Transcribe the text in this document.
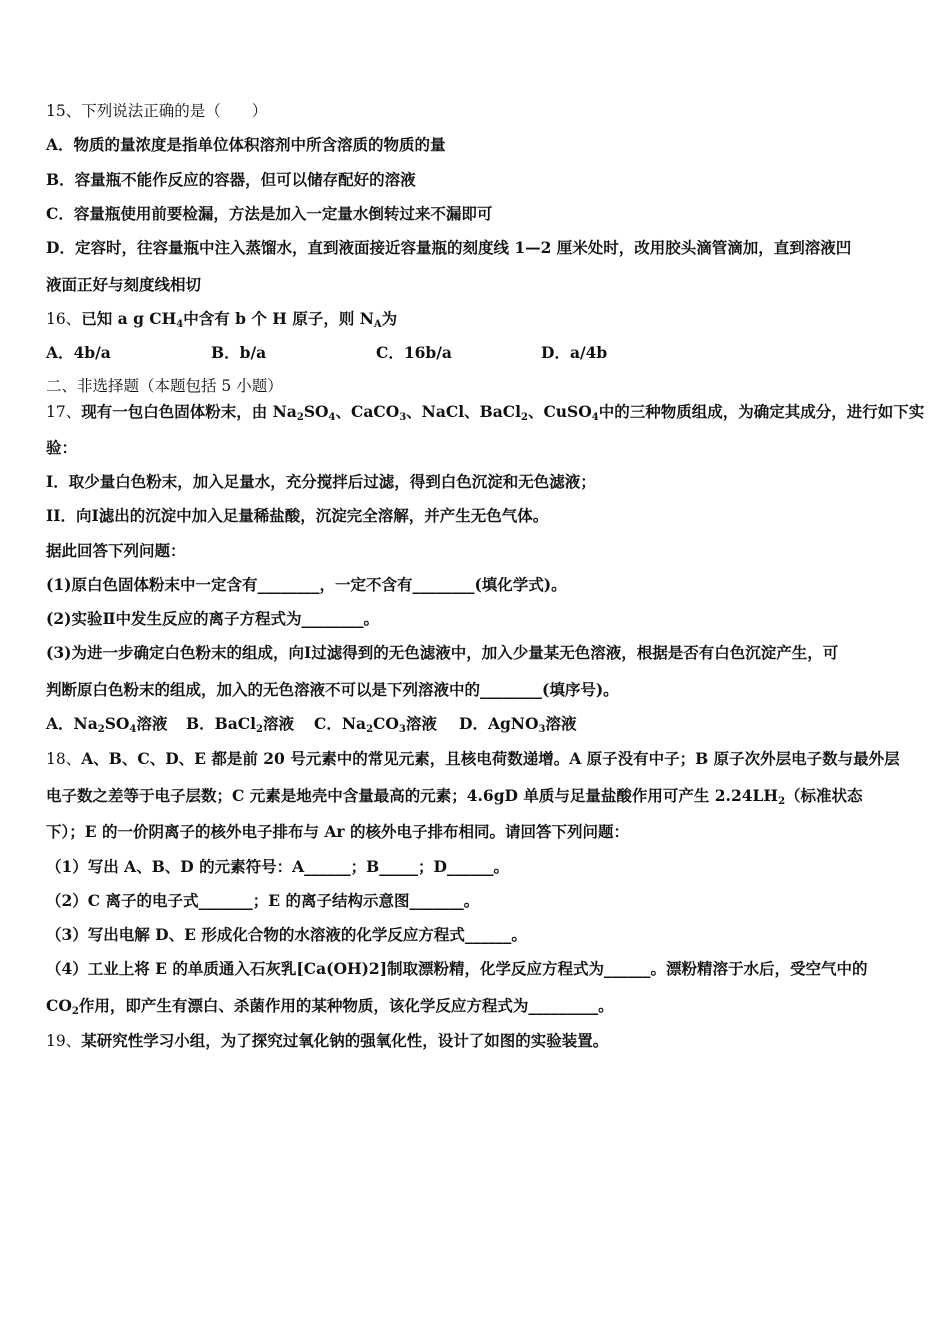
15、下列说法正确的是（　　）
A．物质的量浓度是指单位体积溶剂中所含溶质的物质的量
B．容量瓶不能作反应的容器，但可以储存配好的溶液
C．容量瓶使用前要检漏，方法是加入一定量水倒转过来不漏即可
D．定容时，往容量瓶中注入蒸馏水，直到液面接近容量瓶的刻度线 1—2 厘米处时，改用胶头滴管滴加，直到溶液凹
液面正好与刻度线相切
16、已知 a g $CH_4$中含有 b 个 H 原子，则 $N_A$为
A．4b/a	B．b/a	C．16b/a	D．a/4b
二、非选择题（本题包括 5 小题）
17、现有一包白色固体粉末，由 $Na_2SO_4$、CaCO$_3$、NaCl、BaCl$_2$、CuSO$_4$中的三种物质组成，为确定其成分，进行如下实
验：
I．取少量白色粉末，加入足量水，充分搅拌后过滤，得到白色沉淀和无色滤液；
II．向Ⅰ滤出的沉淀中加入足量稀盐酸，沉淀完全溶解，并产生无色气体。
据此回答下列问题：
(1)原白色固体粉末中一定含有________，一定不含有________(填化学式)。
(2)实验Ⅱ中发生反应的离子方程式为________。
(3)为进一步确定白色粉末的组成，向Ⅰ过滤得到的无色滤液中，加入少量某无色溶液，根据是否有白色沉淀产生，可
判断原白色粉末的组成，加入的无色溶液不可以是下列溶液中的________(填序号)。
A．$Na_2SO_4$溶液 B．BaCl$_2$溶液 C．$Na_2CO_3$溶液 D．AgNO$_3$溶液
18、A、B、C、D、E 都是前 20 号元素中的常见元素，且核电荷数递增。A 原子没有中子；B 原子次外层电子数与最外层
电子数之差等于电子层数；C 元素是地壳中含量最高的元素；4.6gD 单质与足量盐酸作用可产生 $2.24LH_2$（标准状态
下）；E 的一价阴离子的核外电子排布与 Ar 的核外电子排布相同。请回答下列问题：
（1）写出 A、B、D 的元素符号：A______；B_____；D______。
（2）C 离子的电子式_______；E 的离子结构示意图_______。
（3）写出电解 D、E 形成化合物的水溶液的化学反应方程式______。
（4）工业上将 E 的单质通入石灰乳[Ca(OH)2]制取漂粉精，化学反应方程式为______。漂粉精溶于水后，受空气中的
$CO_2$作用，即产生有漂白、杀菌作用的某种物质，该化学反应方程式为_________。
19、某研究性学习小组，为了探究过氧化钠的强氧化性，设计了如图的实验装置。
